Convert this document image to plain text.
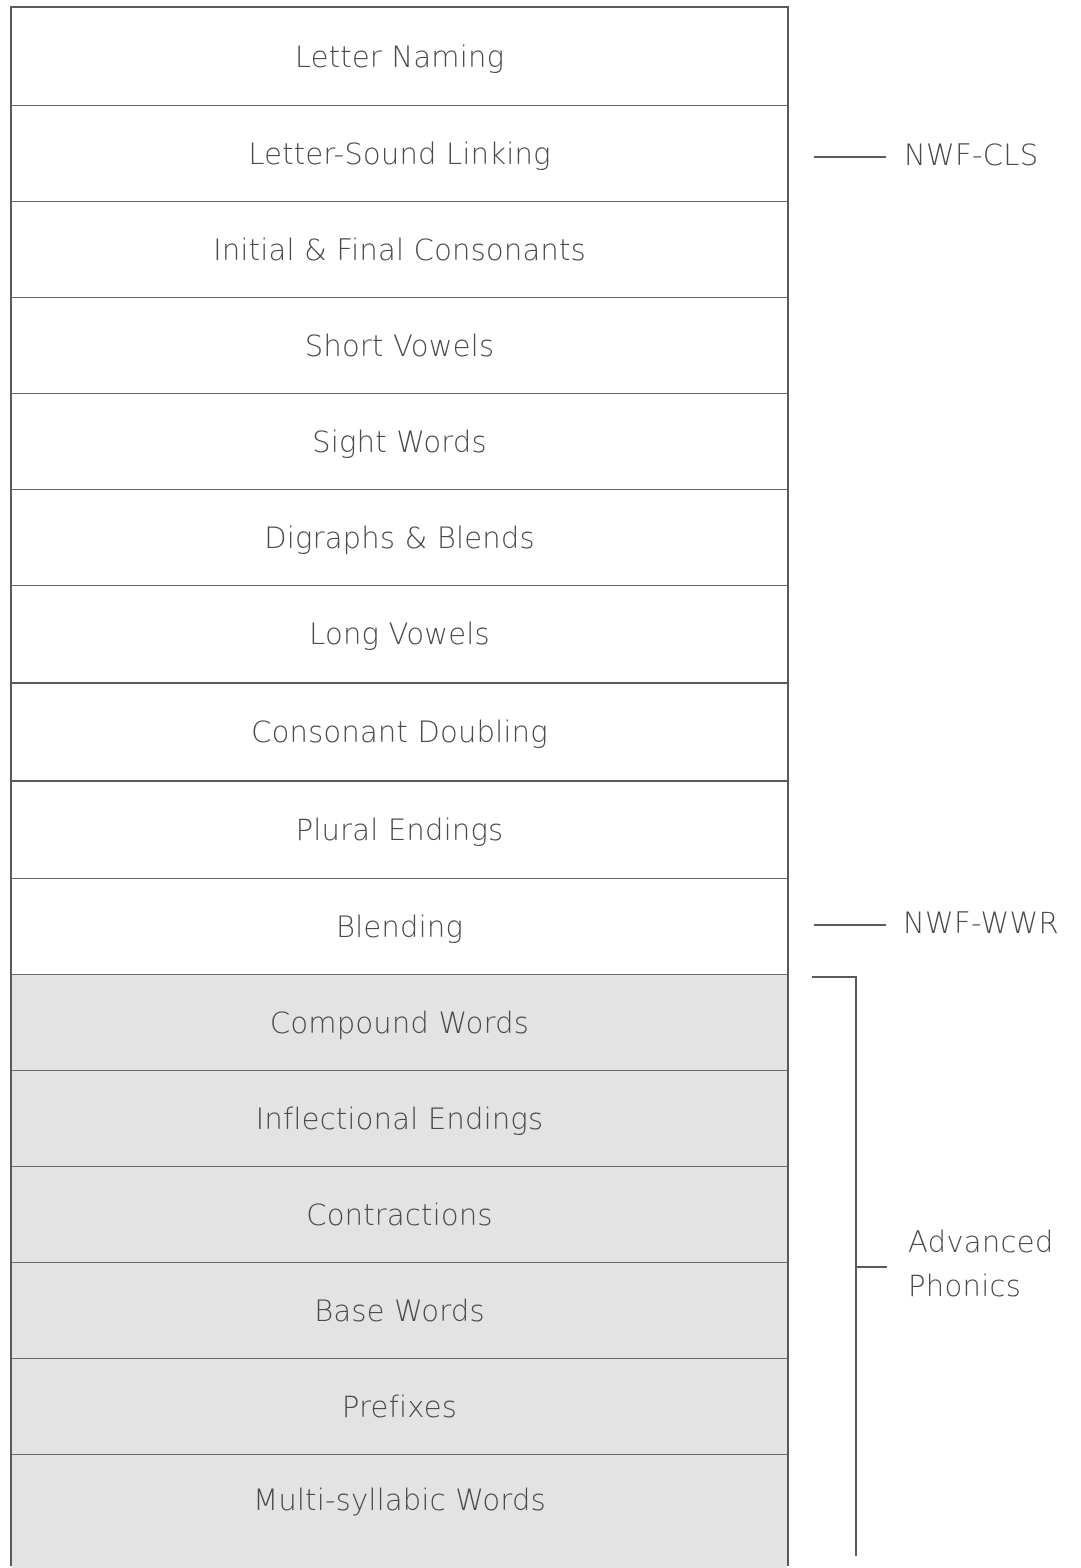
Letter Naming
Letter-Sound Linking
Initial & Final Consonants
Short Vowels
Sight Words
Digraphs & Blends
Long Vowels
Consonant Doubling
Plural Endings
Blending
Compound Words
Inflectional Endings
Contractions
Base Words
Prefixes
Multi-syllabic Words
NWF-CLS
NWF-WWR
Advanced
Phonics
